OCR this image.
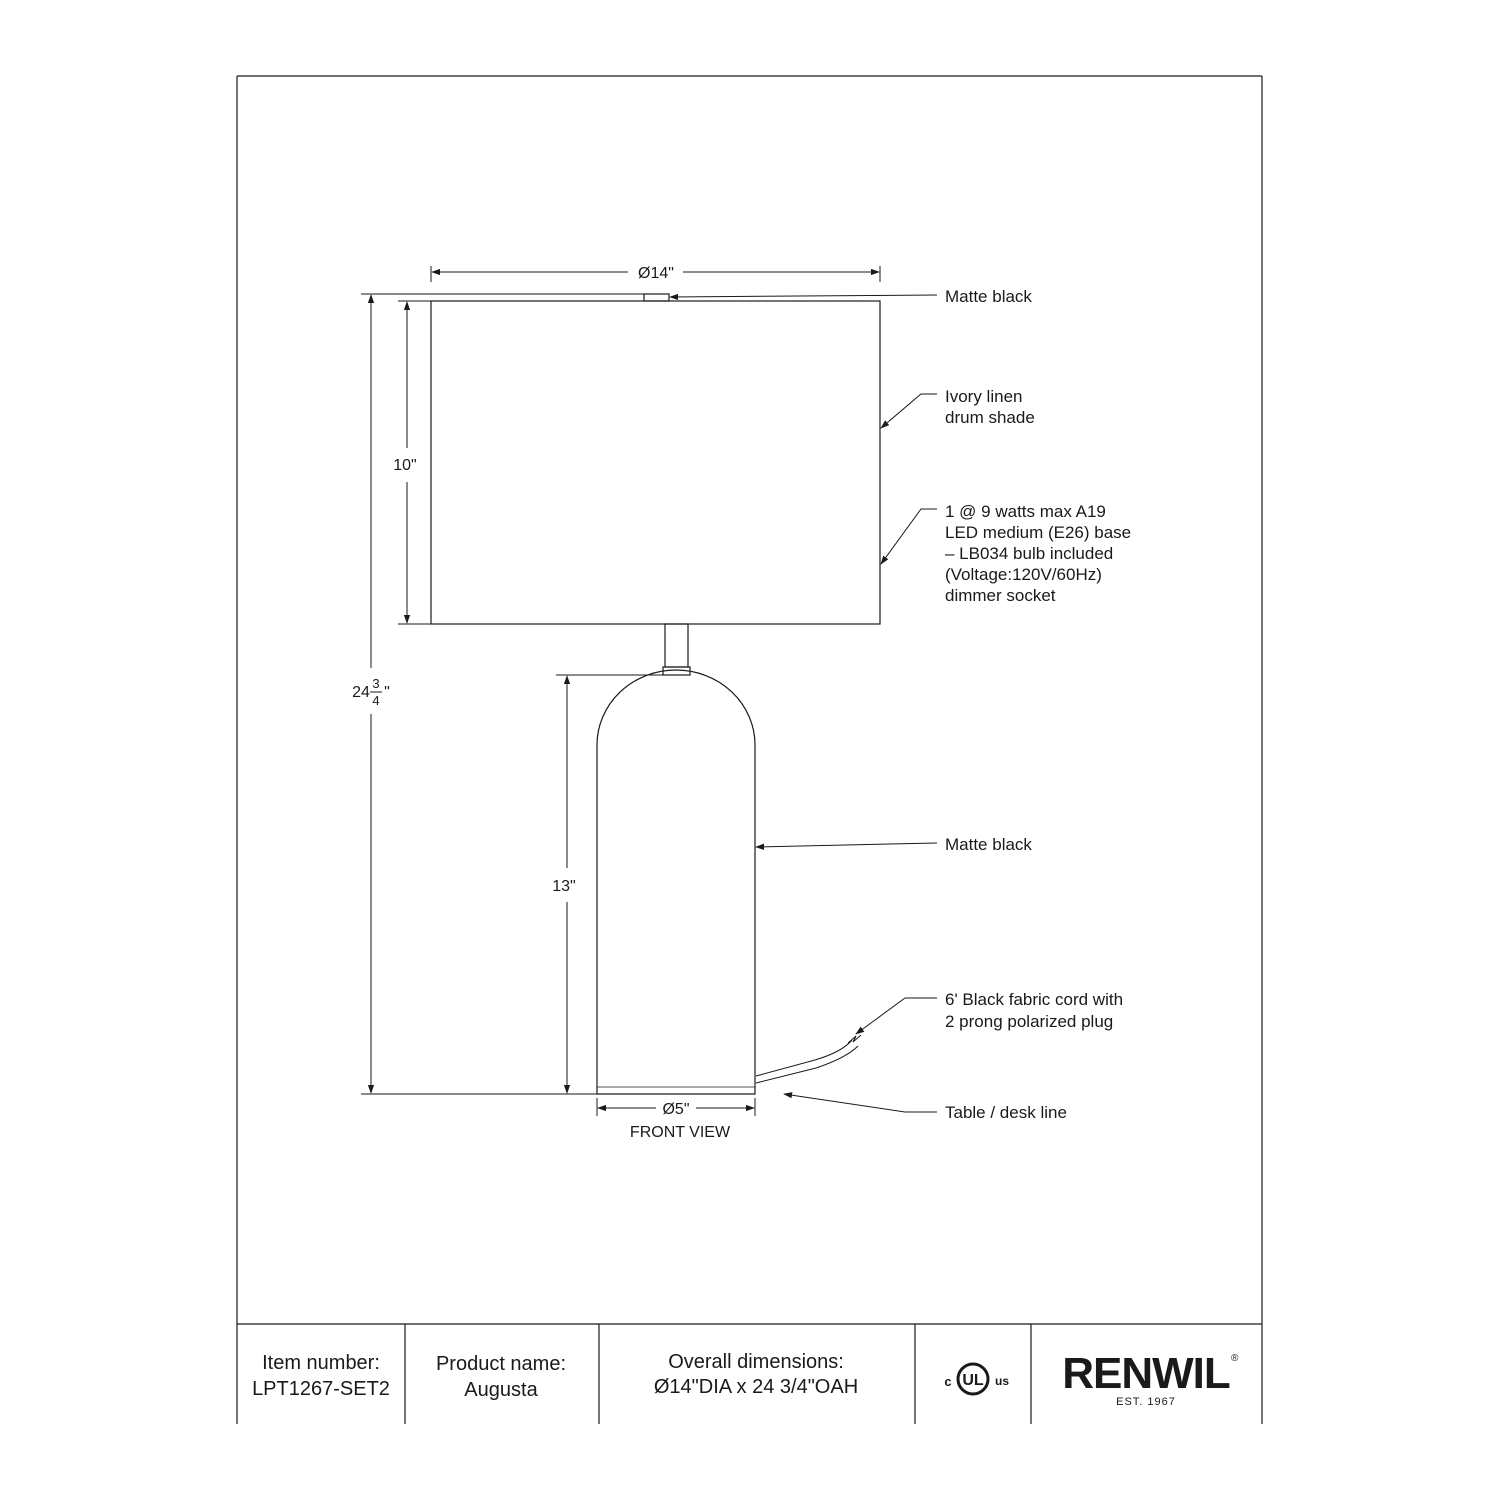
Ø14"
10"
24
3
4 "
13"
Ø5"
FRONT VIEW
Matte black
Ivory linen
drum shade
1 @ 9 watts max A19
LED medium (E26) base
– LB034 bulb included
(Voltage:120V/60Hz)
dimmer socket
Matte black
6' Black fabric cord with
2 prong polarized plug
Table / desk line
Item number:
LPT1267-SET2
Product name:
Augusta
Overall dimensions:
Ø14"DIA x 24 3/4"OAH	c UL us RENWIL ®
EST. 1967
